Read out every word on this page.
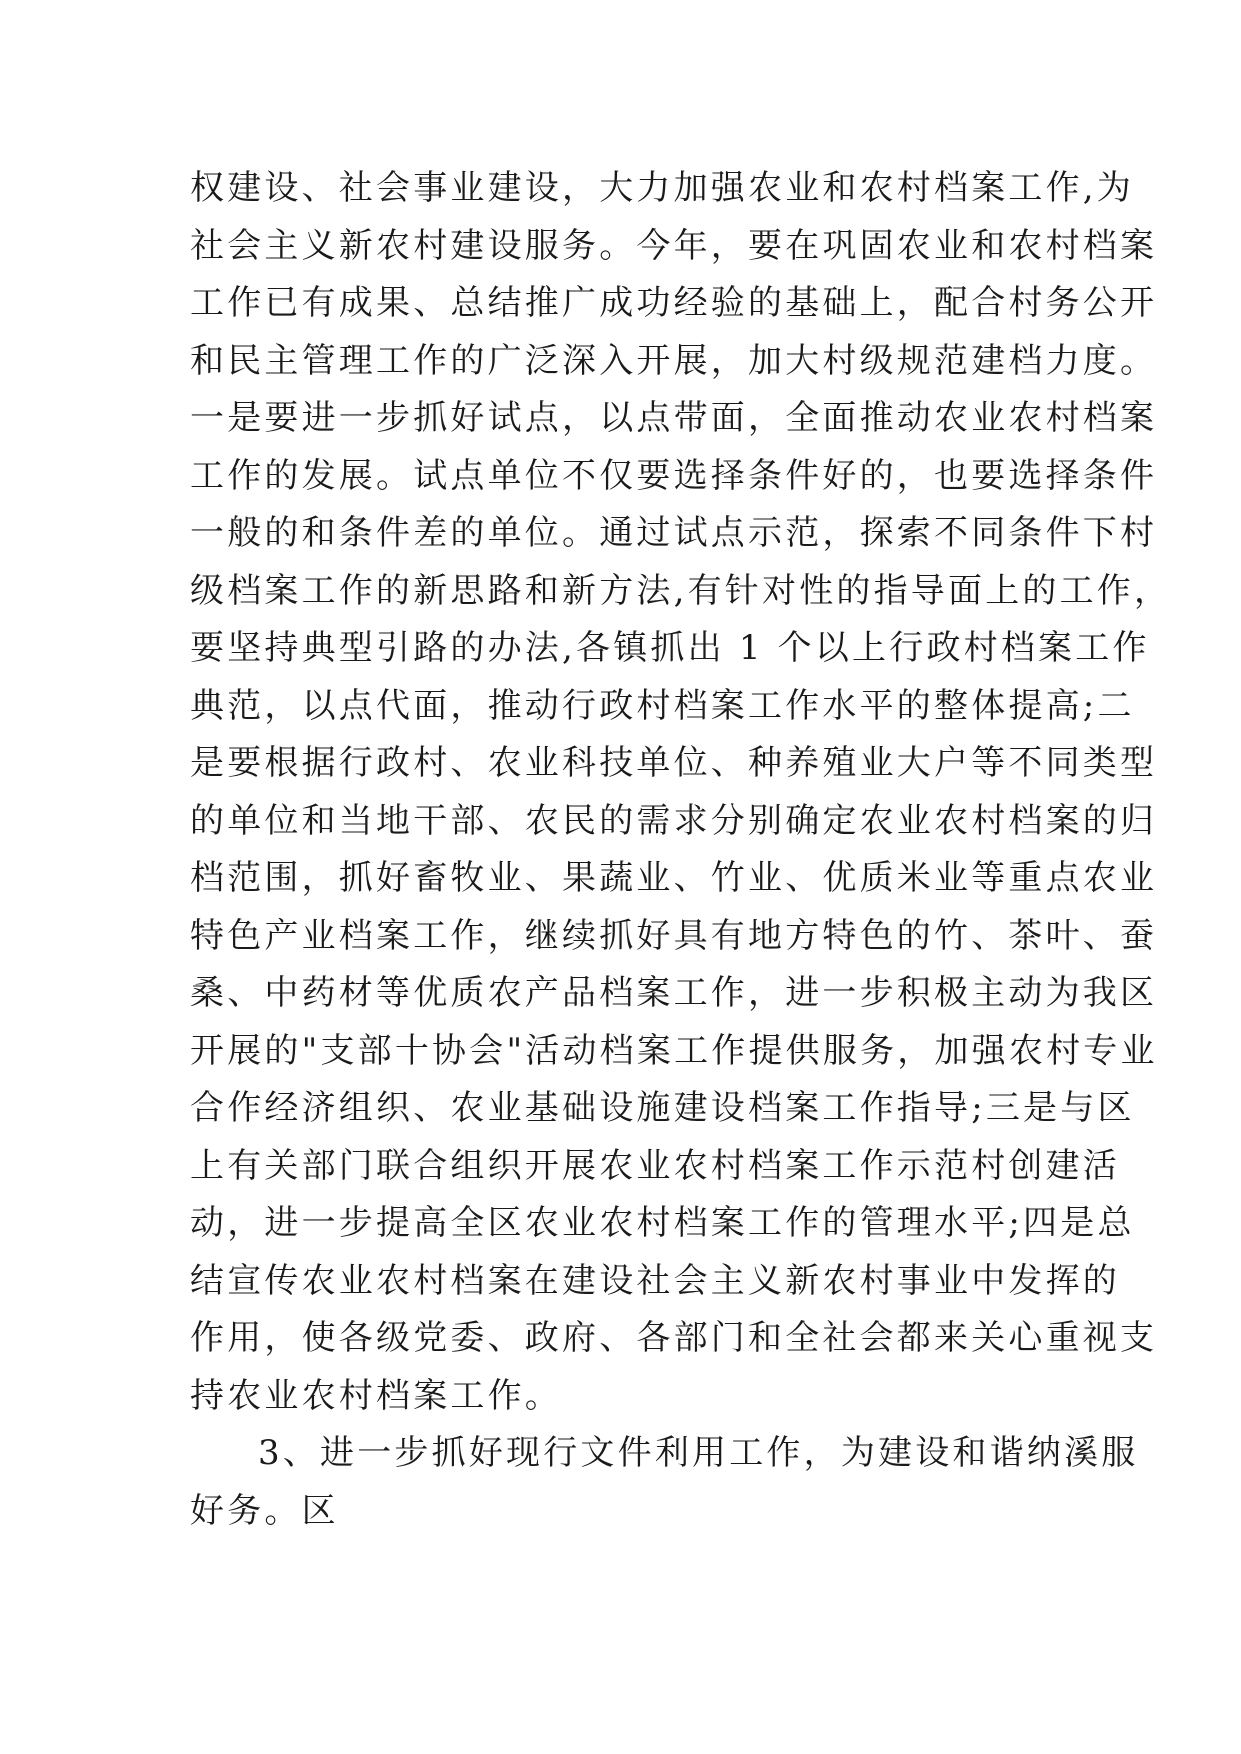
权建设、社会事业建设，大力加强农业和农村档案工作,为
社会主义新农村建设服务。今年，要在巩固农业和农村档案
工作已有成果、总结推广成功经验的基础上，配合村务公开
和民主管理工作的广泛深入开展，加大村级规范建档力度。
一是要进一步抓好试点，以点带面，全面推动农业农村档案
工作的发展。试点单位不仅要选择条件好的，也要选择条件
一般的和条件差的单位。通过试点示范，探索不同条件下村
级档案工作的新思路和新方法,有针对性的指导面上的工作，
要坚持典型引路的办法,各镇抓出 1 个以上行政村档案工作
典范，以点代面，推动行政村档案工作水平的整体提高;二
是要根据行政村、农业科技单位、种养殖业大户等不同类型
的单位和当地干部、农民的需求分别确定农业农村档案的归
档范围，抓好畜牧业、果蔬业、竹业、优质米业等重点农业
特色产业档案工作，继续抓好具有地方特色的竹、茶叶、蚕
桑、中药材等优质农产品档案工作，进一步积极主动为我区
开展的"支部十协会"活动档案工作提供服务，加强农村专业
合作经济组织、农业基础设施建设档案工作指导;三是与区
上有关部门联合组织开展农业农村档案工作示范村创建活
动，进一步提高全区农业农村档案工作的管理水平;四是总
结宣传农业农村档案在建设社会主义新农村事业中发挥的
作用，使各级党委、政府、各部门和全社会都来关心重视支
持农业农村档案工作。
3、进一步抓好现行文件利用工作，为建设和谐纳溪服
好务。区
